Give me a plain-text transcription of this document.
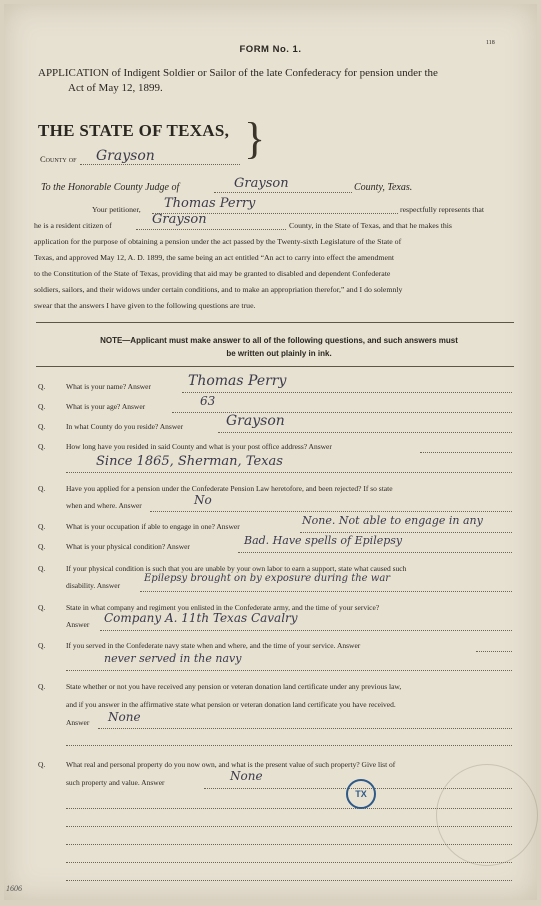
FORM No. 1.
118
APPLICATION of Indigent Soldier or Sailor of the late Confederacy for pension under the
Act of May 12, 1899.
THE STATE OF TEXAS, }
County of Grayson
To the Honorable County Judge of	Grayson	County, Texas.
Your petitioner, Thomas Perry	respectfully represents that
he is a resident citizen of	Grayson	County, in the State of Texas, and that he makes this
application for the purpose of obtaining a pension under the act passed by the Twenty-sixth Legislature of the State of
Texas, and approved May 12, A. D. 1899, the same being an act entitled “An act to carry into effect the amendment
to the Constitution of the State of Texas, providing that aid may be granted to disabled and dependent Confederate
soldiers, sailors, and their widows under certain conditions, and to make an appropriation therefor,” and I do solemnly
swear that the answers I have given to the following questions are true.
NOTE—Applicant must make answer to all of the following questions, and such answers must
be written out plainly in ink.
Q.	What is your name? Answer	Thomas Perry
Q.	What is your age? Answer	63
Q.	In what County do you reside? Answer	Grayson
Q.	How long have you resided in said County and what is your post office address? Answer
Since 1865, Sherman, Texas
Q.	Have you applied for a pension under the Confederate Pension Law heretofore, and been rejected? If so state
when and where. Answer	No
Q.	What is your occupation if able to engage in one? Answer	None. Not able to engage in any
Q.	What is your physical condition? Answer	Bad. Have spells of Epilepsy
Q.	If your physical condition is such that you are unable by your own labor to earn a support, state what caused such
disability. Answer
Epilepsy brought on by exposure during the war
Q.	State in what company and regiment you enlisted in the Confederate army, and the time of your service?
Answer Company A. 11th Texas Cavalry
Q.	If you served in the Confederate navy state when and where, and the time of your service. Answer
never served in the navy
Q.	State whether or not you have received any pension or veteran donation land certificate under any previous law,
and if you answer in the affirmative state what pension or veteran donation land certificate you have received.
Answer None
Q.	What real and personal property do you now own, and what is the present value of such property? Give list of
such property and value. Answer	None
TX
1606
